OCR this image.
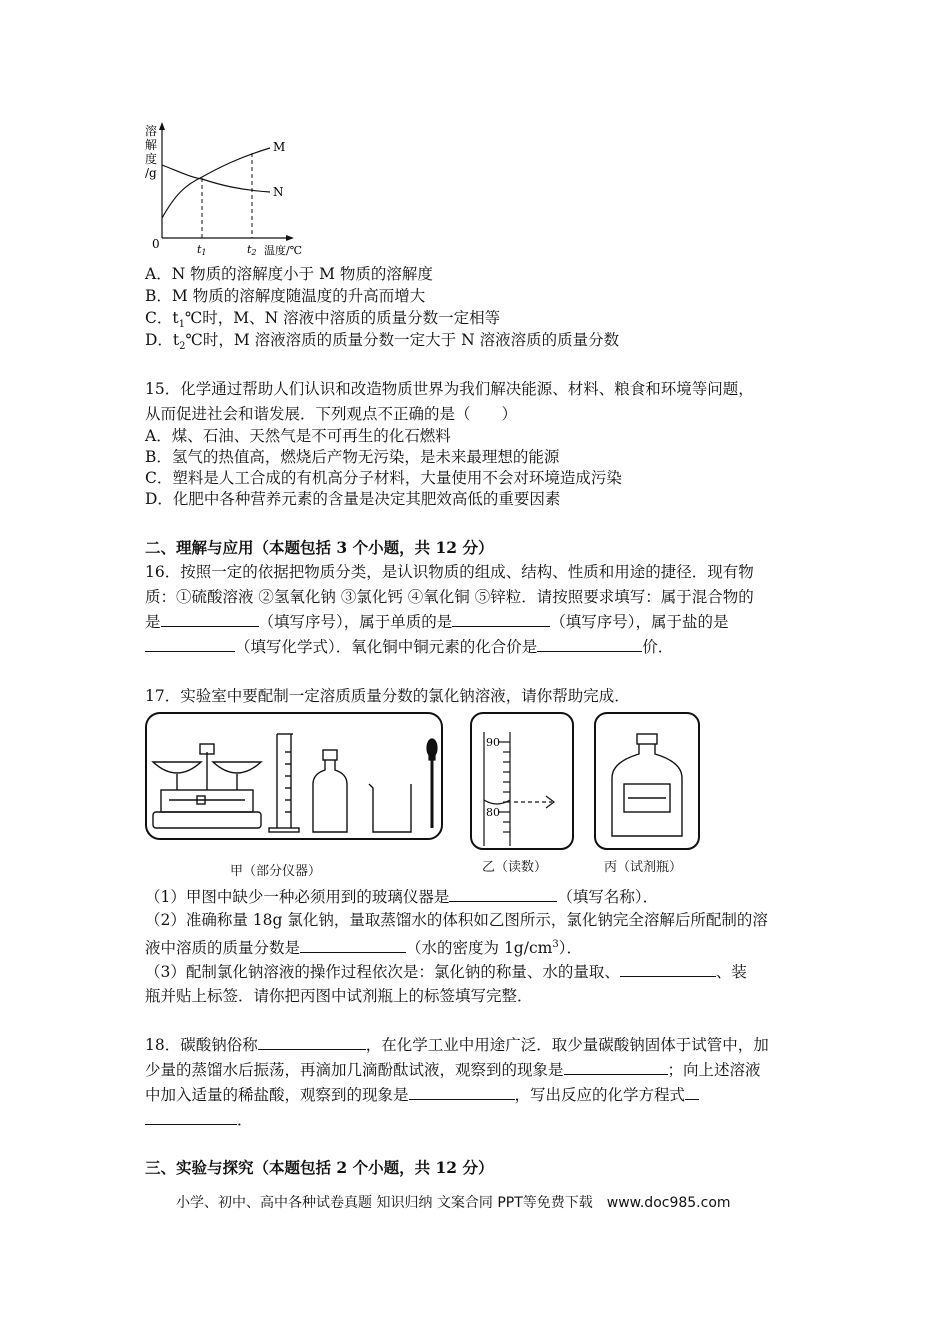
溶
解
度
/g
0
M
N
t1	t2 温度/℃
A．N 物质的溶解度小于 M 物质的溶解度
B．M 物质的溶解度随温度的升高而增大
C．$t_1℃$时，M、N 溶液中溶质的质量分数一定相等
D．$t_2℃$时，M 溶液溶质的质量分数一定大于 N 溶液溶质的质量分数
15．化学通过帮助人们认识和改造物质世界为我们解决能源、材料、粮食和环境等问题，
从而促进社会和谐发展．下列观点不正确的是（　　）
A．煤、石油、天然气是不可再生的化石燃料
B．氢气的热值高，燃烧后产物无污染，是未来最理想的能源
C．塑料是人工合成的有机高分子材料，大量使用不会对环境造成污染
D．化肥中各种营养元素的含量是决定其肥效高低的重要因素
二、理解与应用（本题包括 3 个小题，共 12 分）
16．按照一定的依据把物质分类，是认识物质的组成、结构、性质和用途的捷径．现有物
质：①硫酸溶液 ②氢氧化钠 ③氯化钙 ④氧化铜 ⑤锌粒．请按照要求填写：属于混合物的
是	（填写序号），属于单质的是	（填写序号），属于盐的是
（填写化学式）．氧化铜中铜元素的化合价是	价．
17．实验室中要配制一定溶质质量分数的氯化钠溶液，请你帮助完成．
甲（部分仪器）
90
80
乙（读数）	丙（试剂瓶）
（1）甲图中缺少一种必须用到的玻璃仪器是	（填写名称）．
（2）准确称量 18g 氯化钠，量取蒸馏水的体积如乙图所示，氯化钠完全溶解后所配制的溶
液中溶质的质量分数是	（水的密度为 $1g/cm^3$）．
（3）配制氯化钠溶液的操作过程依次是：氯化钠的称量、水的量取、	、装
瓶并贴上标签．请你把丙图中试剂瓶上的标签填写完整．
18．碳酸钠俗称	，在化学工业中用途广泛．取少量碳酸钠固体于试管中，加
少量的蒸馏水后振荡，再滴加几滴酚酞试液，观察到的现象是	；向上述溶液
中加入适量的稀盐酸，观察到的现象是	，写出反应的化学方程式
．
三、实验与探究（本题包括 2 个小题，共 12 分）
小学、初中、高中各种试卷真题 知识归纳 文案合同 PPT等免费下载　www.doc985.com
